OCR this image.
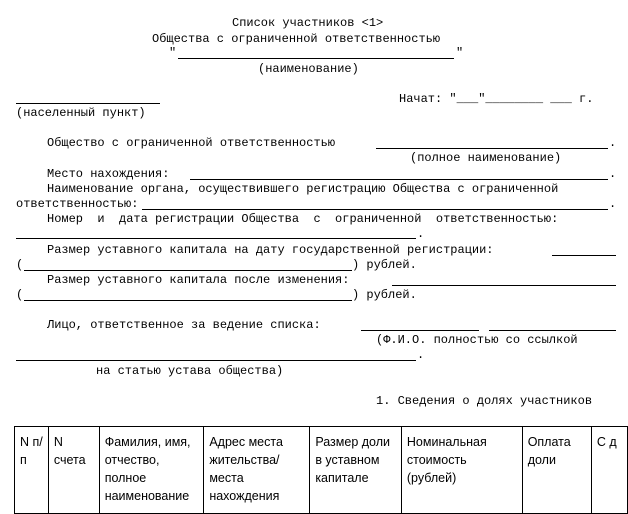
Список участников <1>
Общества с ограниченной ответственностью
"	"
(наименование)
Начат: "___"________ ___ г.
(населенный пункт)
Общество с ограниченной ответственностью	.
(полное наименование)
Место нахождения:	.
Наименование органа, осуществившего регистрацию Общества с ограниченной
ответственностью:	.
Номер  и  дата регистрации Общества  с  ограниченной  ответственностью:
.
Размер уставного капитала на дату государственной регистрации:
(	) рублей.
Размер уставного капитала после изменения:
(	) рублей.
Лицо, ответственное за ведение списка:
(Ф.И.О. полностью со ссылкой
.
на статью устава общества)
1. Сведения о долях участников
N п/п	N счета	Фамилия, имя, отчество, полное наименование	Адрес места жительства/места нахождения	Размер доли в уставном капитале	Номинальная стоимость (рублей)	Оплата доли	С д
